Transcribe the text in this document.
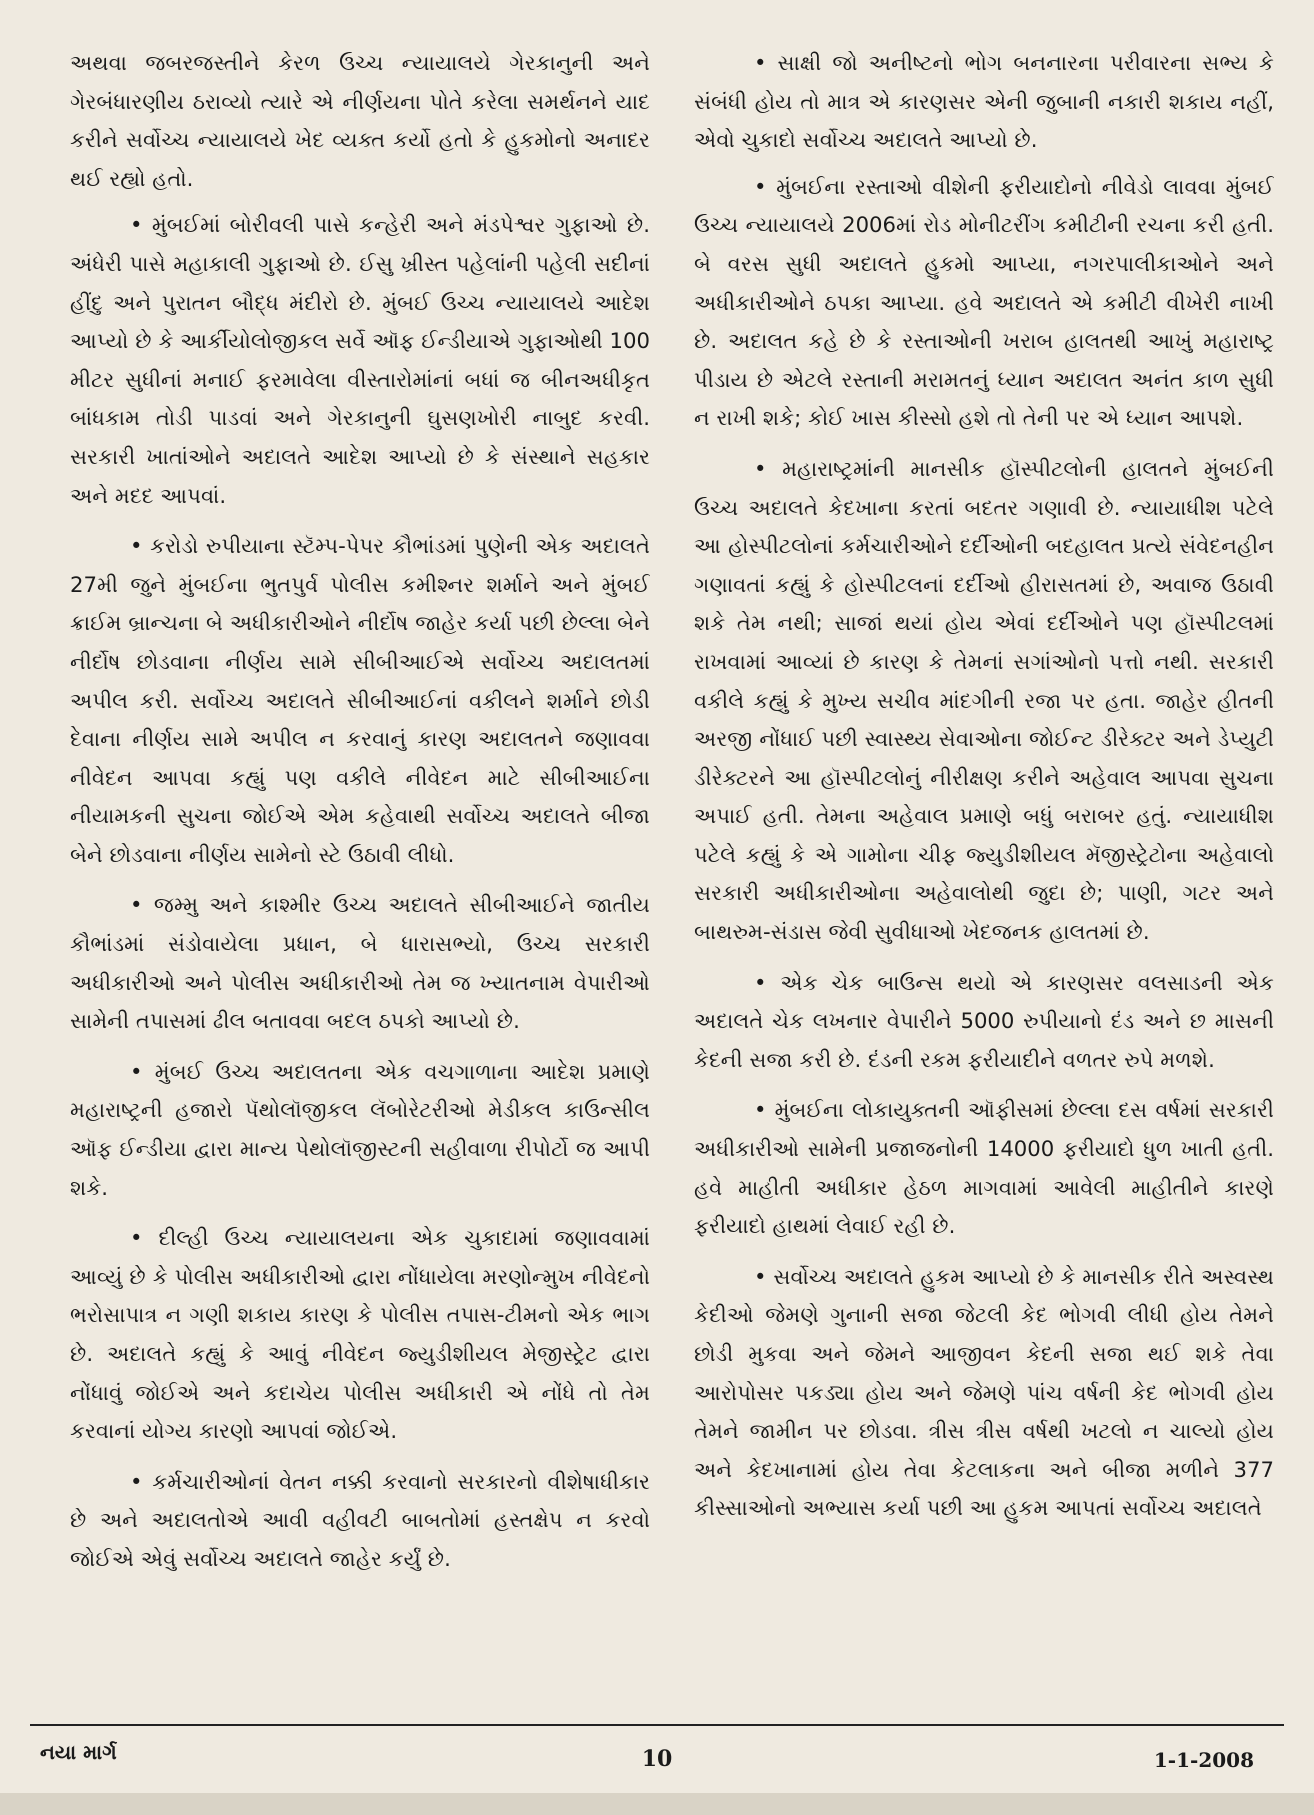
અથવા જબરજસ્તીને કેરળ ઉચ્ચ ન્યાયાલયે ગેરકાનુની અને ગેરબંધારણીય ઠરાવ્યો ત્યારે એ નીર્ણયના પોતે કરેલા સમર્થનને યાદ કરીને સર્વોચ્ચ ન્યાયાલયે ખેદ વ્યક્ત કર્યો હતો કે હુકમોનો અનાદર થઈ રહ્યો હતો.

• મુંબઈમાં બોરીવલી પાસે કન્હેરી અને મંડપેશ્વર ગુફાઓ છે. અંધેરી પાસે મહાકાલી ગુફાઓ છે. ઈસુ ખ્રીસ્ત પહેલાંની પહેલી સદીનાં હીંદુ અને પુરાતન બૌદ્ધ મંદીરો છે. મુંબઈ ઉચ્ચ ન્યાયાલયે આદેશ આપ્યો છે કે આર્કીયોલોજીકલ સર્વે ઑફ ઈન્ડીયાએ ગુફાઓથી 100 મીટર સુધીનાં મનાઈ ફરમાવેલા વીસ્તારોમાંનાં બધાં જ બીનઅધીકૃત બાંધકામ તોડી પાડવાં અને ગેરકાનુની ઘુસણખોરી નાબુદ કરવી. સરકારી ખાતાંઓને અદાલતે આદેશ આપ્યો છે કે સંસ્થાને સહકાર અને મદદ આપવાં.

• કરોડો રુપીયાના સ્ટૅમ્પ-પેપર કૌભાંડમાં પુણેની એક અદાલતે 27મી જુને મુંબઈના ભુતપુર્વ પોલીસ કમીશ્નર શર્માને અને મુંબઈ ક્રાઈમ બ્રાન્ચના બે અધીકારીઓને નીર્દોષ જાહેર કર્યા પછી છેલ્લા બેને નીર્દોષ છોડવાના નીર્ણય સામે સીબીઆઈએ સર્વોચ્ચ અદાલતમાં અપીલ કરી. સર્વોચ્ચ અદાલતે સીબીઆઈનાં વકીલને શર્માને છોડી દેવાના નીર્ણય સામે અપીલ ન કરવાનું કારણ અદાલતને જણાવવા નીવેદન આપવા કહ્યું પણ વકીલે નીવેદન માટે સીબીઆઈના નીયામકની સુચના જોઈએ એમ કહેવાથી સર્વોચ્ચ અદાલતે બીજા બેને છોડવાના નીર્ણય સામેનો સ્ટે ઉઠાવી લીધો.

• જમ્મુ અને કાશ્મીર ઉચ્ચ અદાલતે સીબીઆઈને જાતીય કૌભાંડમાં સંડોવાયેલા પ્રધાન, બે ધારાસભ્યો, ઉચ્ચ સરકારી અધીકારીઓ અને પોલીસ અધીકારીઓ તેમ જ ખ્યાતનામ વેપારીઓ સામેની તપાસમાં ઢીલ બતાવવા બદલ ઠપકો આપ્યો છે.

• મુંબઈ ઉચ્ચ અદાલતના એક વચગાળાના આદેશ પ્રમાણે મહારાષ્ટ્રની હજારો પૅથોલૉજીકલ લૅબોરેટરીઓ મેડીકલ કાઉન્સીલ ઑફ ઈન્ડીયા દ્વારા માન્ય પેથોલૉજીસ્ટની સહીવાળા રીપોર્ટો જ આપી શકે.

• દીલ્હી ઉચ્ચ ન્યાયાલયના એક ચુકાદામાં જણાવવામાં આવ્યું છે કે પોલીસ અધીકારીઓ દ્વારા નોંધાયેલા મરણોન્મુખ નીવેદનો ભરોસાપાત્ર ન ગણી શકાય કારણ કે પોલીસ તપાસ-ટીમનો એક ભાગ છે. અદાલતે કહ્યું કે આવું નીવેદન જ્યુડીશીયલ મેજીસ્ટ્રેટ દ્વારા નોંધાવું જોઈએ અને કદાચેય પોલીસ અધીકારી એ નોંધે તો તેમ કરવાનાં યોગ્ય કારણો આપવાં જોઈએ.

• કર્મચારીઓનાં વેતન નક્કી કરવાનો સરકારનો વીશેષાધીકાર છે અને અદાલતોએ આવી વહીવટી બાબતોમાં હસ્તક્ષેપ ન કરવો જોઈએ એવું સર્વોચ્ચ અદાલતે જાહેર કર્યું છે.

• સાક્ષી જો અનીષ્ટનો ભોગ બનનારના પરીવારના સભ્ય કે સંબંધી હોય તો માત્ર એ કારણસર એની જુબાની નકારી શકાય નહીં, એવો ચુકાદો સર્વોચ્ચ અદાલતે આપ્યો છે.

• મુંબઈના રસ્તાઓ વીશેની ફરીયાદોનો નીવેડો લાવવા મુંબઈ ઉચ્ચ ન્યાયાલયે 2006માં રોડ મોનીટરીંગ કમીટીની રચના કરી હતી. બે વરસ સુધી અદાલતે હુકમો આપ્યા, નગરપાલીકાઓને અને અધીકારીઓને ઠપકા આપ્યા. હવે અદાલતે એ કમીટી વીખેરી નાખી છે. અદાલત કહે છે કે રસ્તાઓની ખરાબ હાલતથી આખું મહારાષ્ટ્ર પીડાય છે એટલે રસ્તાની મરામતનું ધ્યાન અદાલત અનંત કાળ સુધી ન રાખી શકે; કોઈ ખાસ કીસ્સો હશે તો તેની પર એ ધ્યાન આપશે.

• મહારાષ્ટ્રમાંની માનસીક હૉસ્પીટલોની હાલતને મુંબઈની ઉચ્ચ અદાલતે કેદખાના કરતાં બદતર ગણાવી છે. ન્યાયાધીશ પટેલે આ હોસ્પીટલોનાં કર્મચારીઓને દર્દીઓની બદહાલત પ્રત્યે સંવેદનહીન ગણાવતાં કહ્યું કે હોસ્પીટલનાં દર્દીઓ હીરાસતમાં છે, અવાજ ઉઠાવી શકે તેમ નથી; સાજાં થયાં હોય એવાં દર્દીઓને પણ હૉસ્પીટલમાં રાખવામાં આવ્યાં છે કારણ કે તેમનાં સગાંઓનો પત્તો નથી. સરકારી વકીલે કહ્યું કે મુખ્ય સચીવ માંદગીની રજા પર હતા. જાહેર હીતની અરજી નોંધાઈ પછી સ્વાસ્થ્ય સેવાઓના જોઈન્ટ ડીરેક્ટર અને ડેપ્યુટી ડીરેક્ટરને આ હૉસ્પીટલોનું નીરીક્ષણ કરીને અહેવાલ આપવા સુચના અપાઈ હતી. તેમના અહેવાલ પ્રમાણે બધું બરાબર હતું. ન્યાયાધીશ પટેલે કહ્યું કે એ ગામોના ચીફ જ્યુડીશીયલ મૅજીસ્ટ્રેટોના અહેવાલો સરકારી અધીકારીઓના અહેવાલોથી જુદા છે; પાણી, ગટર અને બાથરુમ-સંડાસ જેવી સુવીધાઓ ખેદજનક હાલતમાં છે.

• એક ચેક બાઉન્સ થયો એ કારણસર વલસાડની એક અદાલતે ચેક લખનાર વેપારીને 5000 રુપીયાનો દંડ અને છ માસની કેદની સજા કરી છે. દંડની રકમ ફરીયાદીને વળતર રુપે મળશે.

• મુંબઈના લોકાયુક્તની ઑફીસમાં છેલ્લા દસ વર્ષમાં સરકારી અધીકારીઓ સામેની પ્રજાજનોની 14000 ફરીયાદો ધુળ ખાતી હતી. હવે માહીતી અધીકાર હેઠળ માગવામાં આવેલી માહીતીને કારણે ફરીયાદો હાથમાં લેવાઈ રહી છે.

• સર્વોચ્ચ અદાલતે હુકમ આપ્યો છે કે માનસીક રીતે અસ્વસ્થ કેદીઓ જેમણે ગુનાની સજા જેટલી કેદ ભોગવી લીધી હોય તેમને છોડી મુકવા અને જેમને આજીવન કેદની સજા થઈ શકે તેવા આરોપોસર પકડ્યા હોય અને જેમણે પાંચ વર્ષની કેદ ભોગવી હોય તેમને જામીન પર છોડવા. ત્રીસ ત્રીસ વર્ષથી ખટલો ન ચાલ્યો હોય અને કેદખાનામાં હોય તેવા કેટલાકના અને બીજા મળીને 377 કીસ્સાઓનો અભ્યાસ કર્યા પછી આ હુકમ આપતાં સર્વોચ્ચ અદાલતે

નયા માર્ગ	10	1-1-2008
